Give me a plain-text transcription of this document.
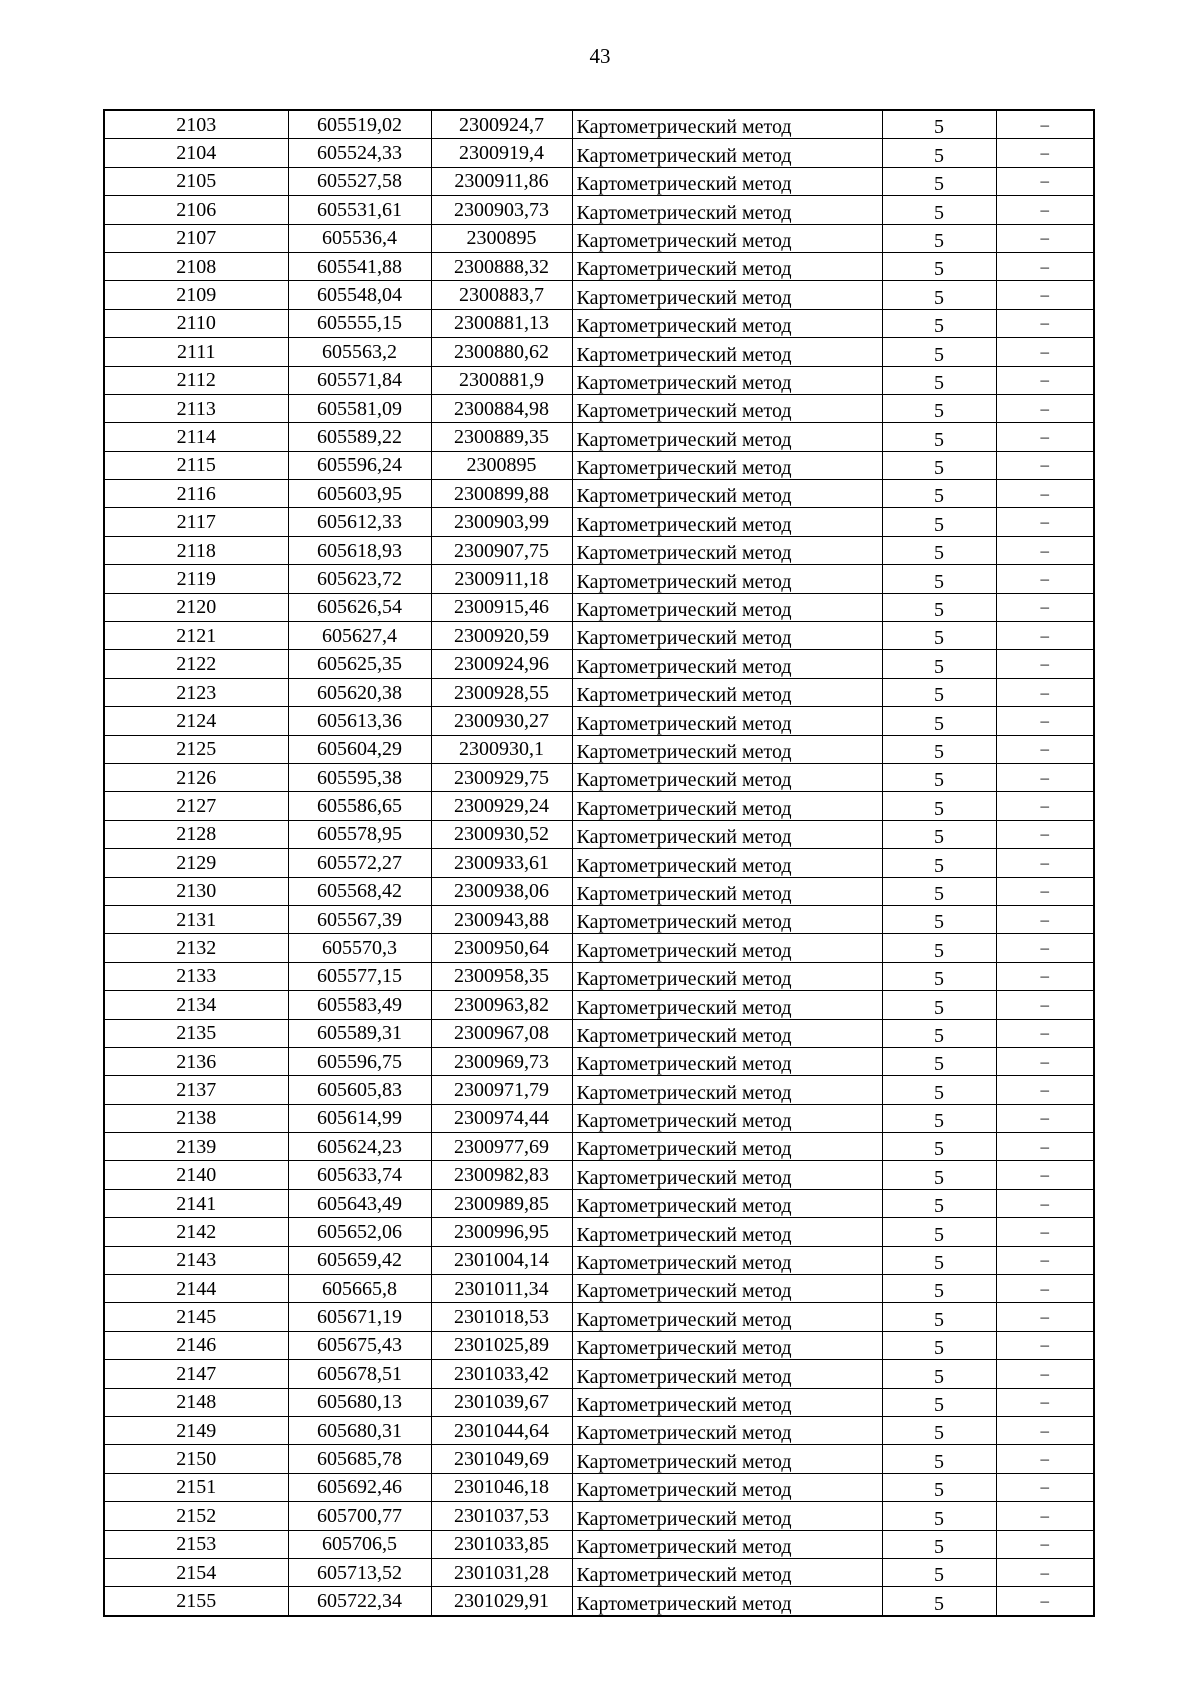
43
2103	605519,02	2300924,7	Картометрический метод	5	–
2104	605524,33	2300919,4	Картометрический метод	5	–
2105	605527,58	2300911,86	Картометрический метод	5	–
2106	605531,61	2300903,73	Картометрический метод	5	–
2107	605536,4	2300895	Картометрический метод	5	–
2108	605541,88	2300888,32	Картометрический метод	5	–
2109	605548,04	2300883,7	Картометрический метод	5	–
2110	605555,15	2300881,13	Картометрический метод	5	–
2111	605563,2	2300880,62	Картометрический метод	5	–
2112	605571,84	2300881,9	Картометрический метод	5	–
2113	605581,09	2300884,98	Картометрический метод	5	–
2114	605589,22	2300889,35	Картометрический метод	5	–
2115	605596,24	2300895	Картометрический метод	5	–
2116	605603,95	2300899,88	Картометрический метод	5	–
2117	605612,33	2300903,99	Картометрический метод	5	–
2118	605618,93	2300907,75	Картометрический метод	5	–
2119	605623,72	2300911,18	Картометрический метод	5	–
2120	605626,54	2300915,46	Картометрический метод	5	–
2121	605627,4	2300920,59	Картометрический метод	5	–
2122	605625,35	2300924,96	Картометрический метод	5	–
2123	605620,38	2300928,55	Картометрический метод	5	–
2124	605613,36	2300930,27	Картометрический метод	5	–
2125	605604,29	2300930,1	Картометрический метод	5	–
2126	605595,38	2300929,75	Картометрический метод	5	–
2127	605586,65	2300929,24	Картометрический метод	5	–
2128	605578,95	2300930,52	Картометрический метод	5	–
2129	605572,27	2300933,61	Картометрический метод	5	–
2130	605568,42	2300938,06	Картометрический метод	5	–
2131	605567,39	2300943,88	Картометрический метод	5	–
2132	605570,3	2300950,64	Картометрический метод	5	–
2133	605577,15	2300958,35	Картометрический метод	5	–
2134	605583,49	2300963,82	Картометрический метод	5	–
2135	605589,31	2300967,08	Картометрический метод	5	–
2136	605596,75	2300969,73	Картометрический метод	5	–
2137	605605,83	2300971,79	Картометрический метод	5	–
2138	605614,99	2300974,44	Картометрический метод	5	–
2139	605624,23	2300977,69	Картометрический метод	5	–
2140	605633,74	2300982,83	Картометрический метод	5	–
2141	605643,49	2300989,85	Картометрический метод	5	–
2142	605652,06	2300996,95	Картометрический метод	5	–
2143	605659,42	2301004,14	Картометрический метод	5	–
2144	605665,8	2301011,34	Картометрический метод	5	–
2145	605671,19	2301018,53	Картометрический метод	5	–
2146	605675,43	2301025,89	Картометрический метод	5	–
2147	605678,51	2301033,42	Картометрический метод	5	–
2148	605680,13	2301039,67	Картометрический метод	5	–
2149	605680,31	2301044,64	Картометрический метод	5	–
2150	605685,78	2301049,69	Картометрический метод	5	–
2151	605692,46	2301046,18	Картометрический метод	5	–
2152	605700,77	2301037,53	Картометрический метод	5	–
2153	605706,5	2301033,85	Картометрический метод	5	–
2154	605713,52	2301031,28	Картометрический метод	5	–
2155	605722,34	2301029,91	Картометрический метод	5	–
